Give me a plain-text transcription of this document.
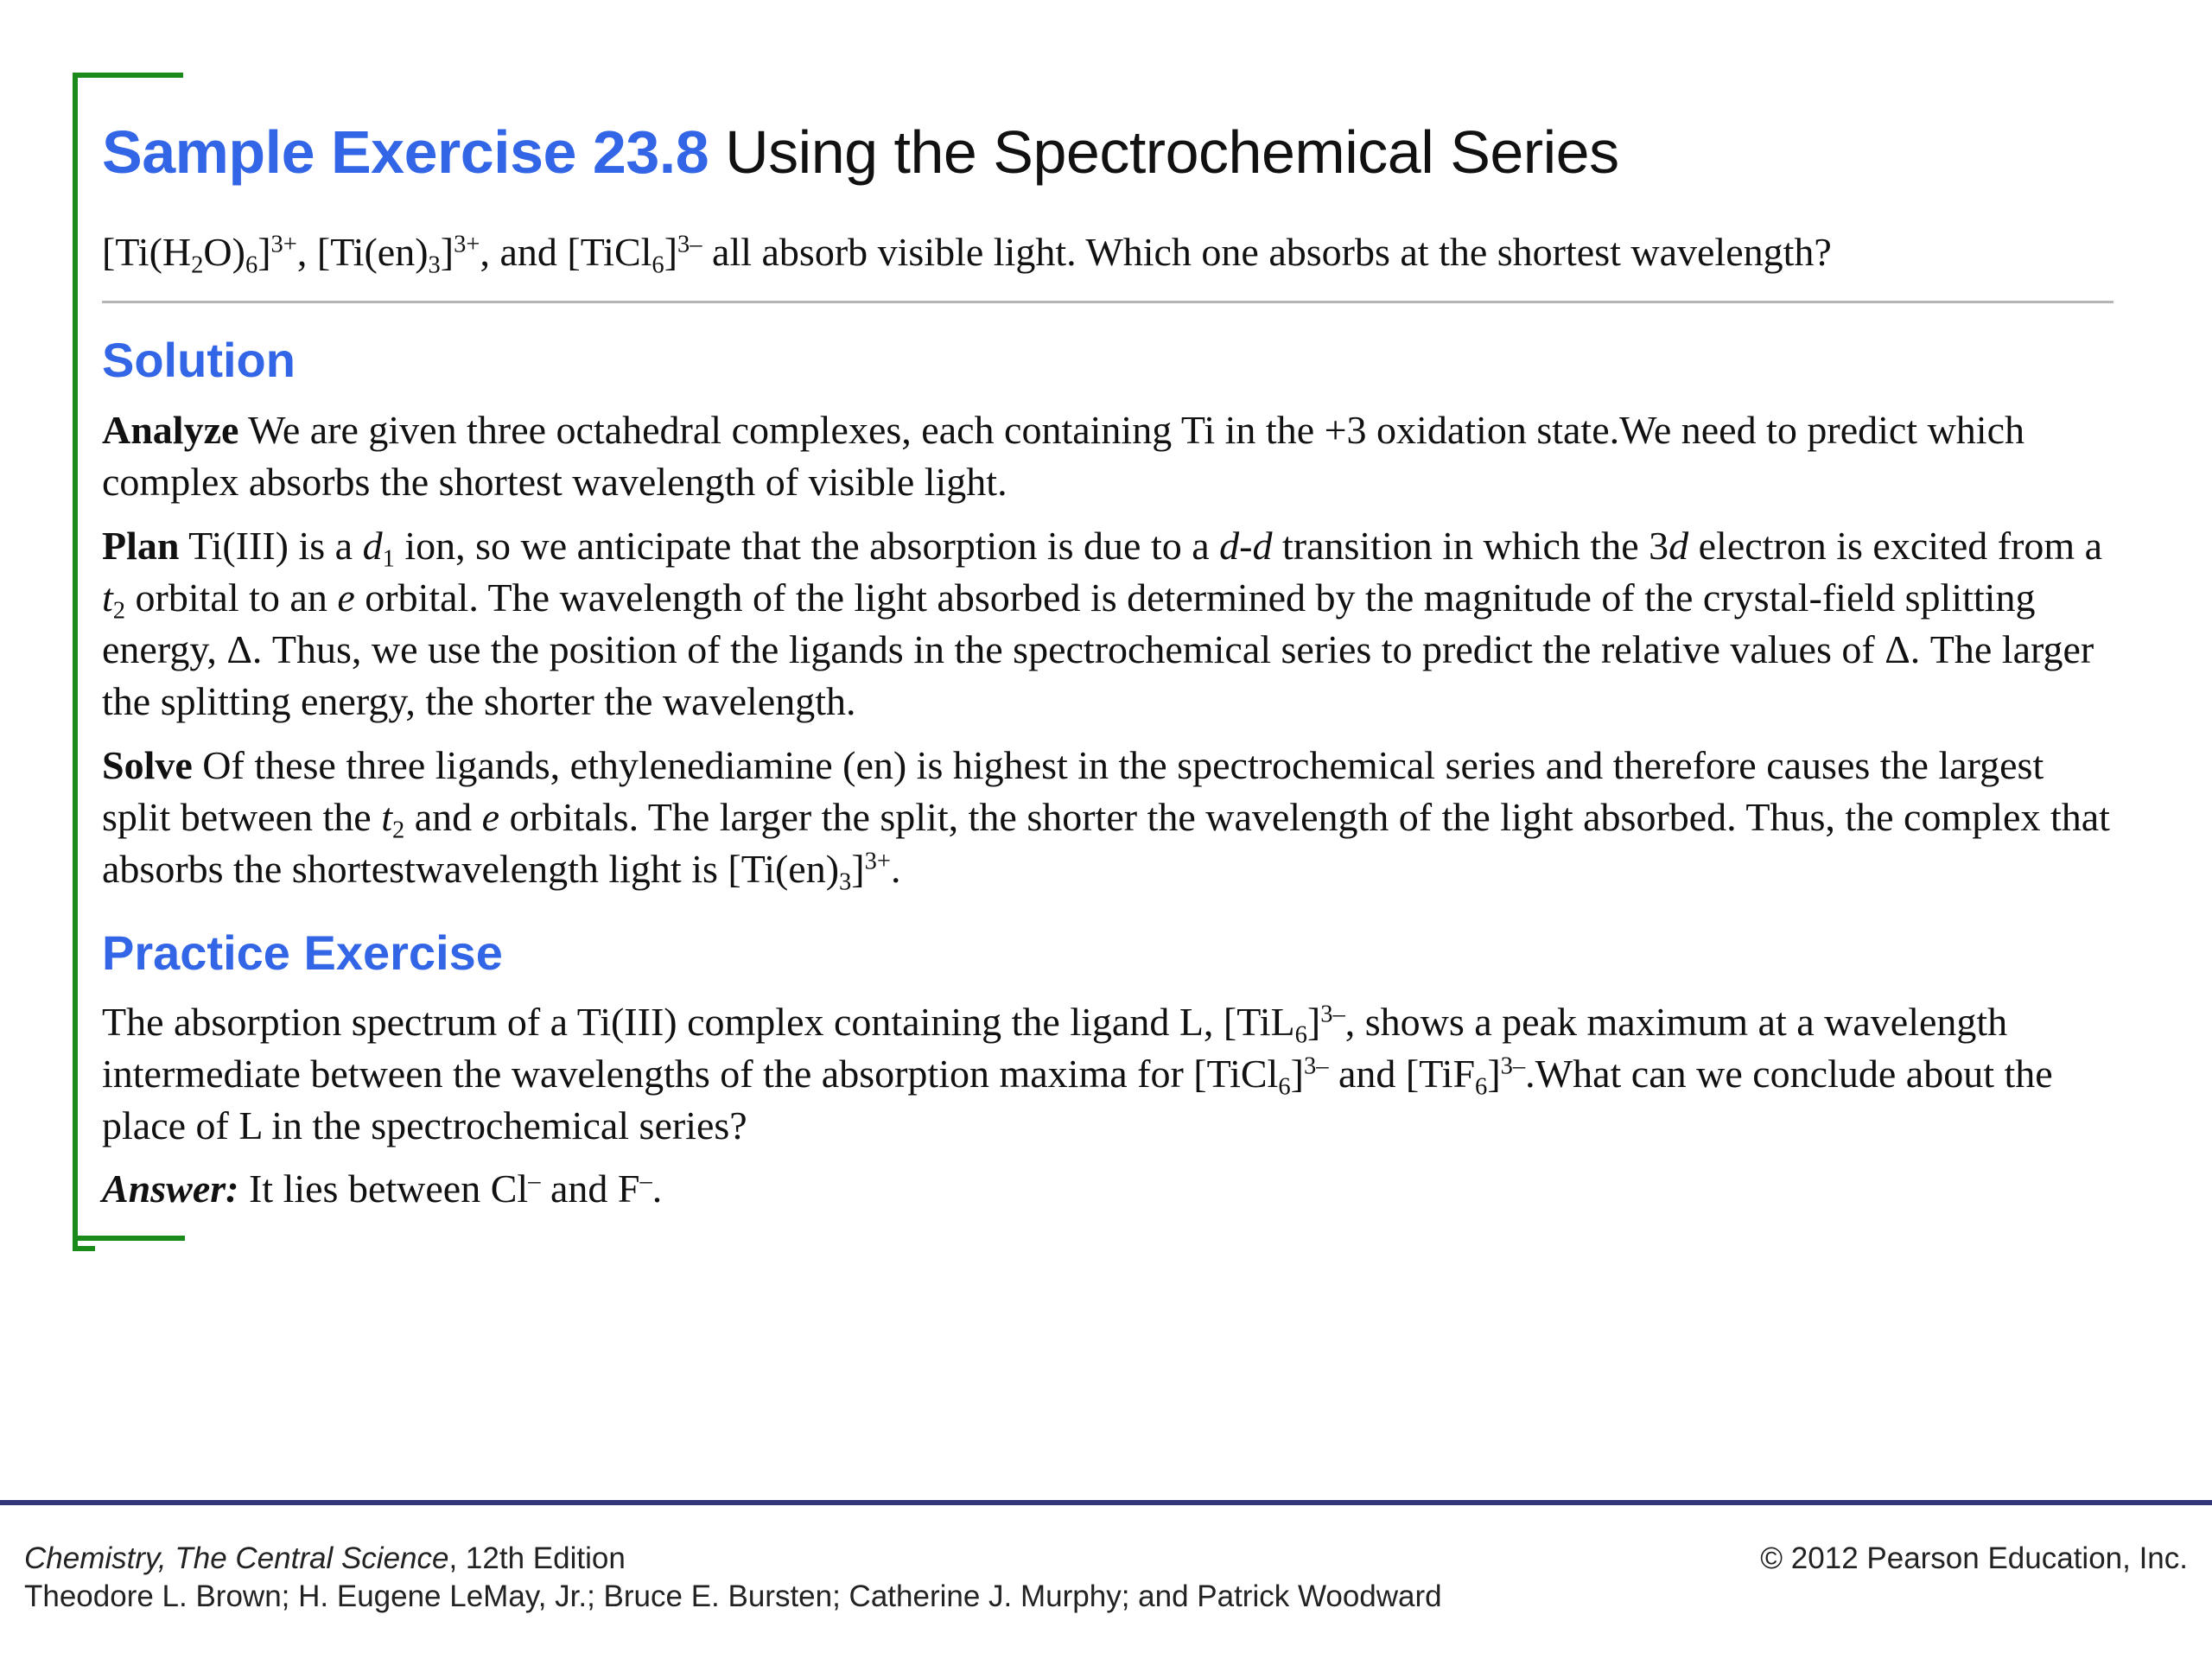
Sample Exercise 23.8 Using the Spectrochemical Series
$[Ti(H_2O)_6]^{3+}$, $[Ti(en)_3]^{3+}$, and [TiCl$_6$]$^{3-}$ all absorb visible light. Which one absorbs at the shortest wavelength?
Solution

Analyze We are given three octahedral complexes, each containing Ti in the +3 oxidation state.We need to predict which complex absorbs the shortest wavelength of visible light.

Plan Ti(III) is a $d_1$ ion, so we anticipate that the absorption is due to a d-d transition in which the 3d electron is excited from a $t_2$ orbital to an e orbital. The wavelength of the light absorbed is determined by the magnitude of the crystal-field splitting energy, Δ. Thus, we use the position of the ligands in the spectrochemical series to predict the relative values of Δ. The larger the splitting energy, the shorter the wavelength.

Solve Of these three ligands, ethylenediamine (en) is highest in the spectrochemical series and therefore causes the largest split between the $t_2$ and e orbitals. The larger the split, the shorter the wavelength of the light absorbed. Thus, the complex that absorbs the shortestwavelength light is $[Ti(en)_3]^{3+}$.

Practice Exercise

The absorption spectrum of a Ti(III) complex containing the ligand L, $[TiL_6]^{3-}$, shows a peak maximum at a wavelength intermediate between the wavelengths of the absorption maxima for [TiCl$_6$]$^{3-}$ and $[TiF_6]^{3-}.What$ can we conclude about the place of L in the spectrochemical series?

Answer: It lies between Cl– and F–.

Chemistry, The Central Science, 12th Edition
Theodore L. Brown; H. Eugene LeMay, Jr.; Bruce E. Bursten; Catherine J. Murphy; and Patrick Woodward
© 2012 Pearson Education, Inc.
